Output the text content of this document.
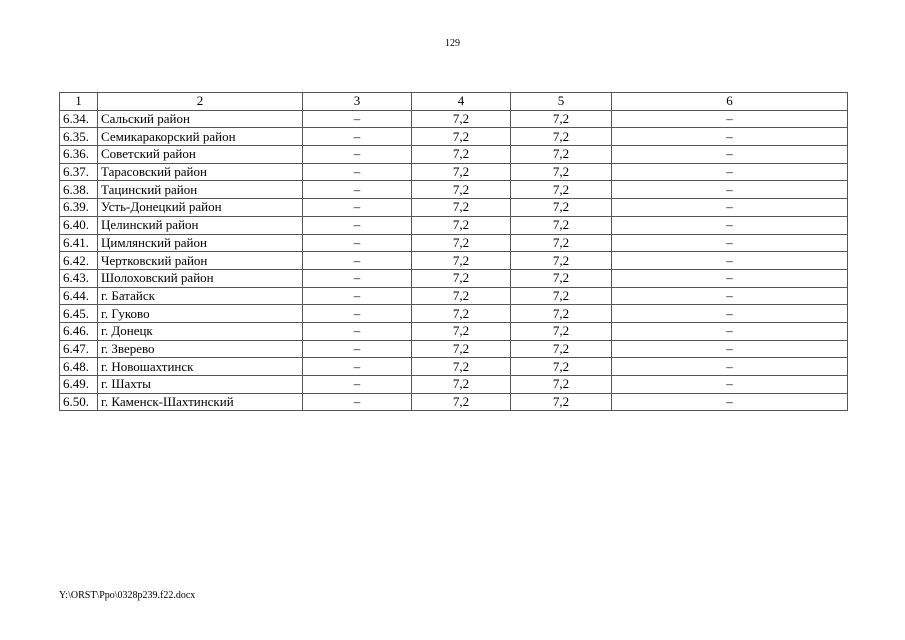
129
1	2	3	4	5	6
6.34.	Сальский район	–	7,2	7,2	–
6.35.	Семикаракорский район	–	7,2	7,2	–
6.36.	Советский район	–	7,2	7,2	–
6.37.	Тарасовский район	–	7,2	7,2	–
6.38.	Тацинский район	–	7,2	7,2	–
6.39.	Усть-Донецкий район	–	7,2	7,2	–
6.40.	Целинский район	–	7,2	7,2	–
6.41.	Цимлянский район	–	7,2	7,2	–
6.42.	Чертковский район	–	7,2	7,2	–
6.43.	Шолоховский район	–	7,2	7,2	–
6.44.	г. Батайск	–	7,2	7,2	–
6.45.	г. Гуково	–	7,2	7,2	–
6.46.	г. Донецк	–	7,2	7,2	–
6.47.	г. Зверево	–	7,2	7,2	–
6.48.	г. Новошахтинск	–	7,2	7,2	–
6.49.	г. Шахты	–	7,2	7,2	–
6.50.	г. Каменск-Шахтинский	–	7,2	7,2	–
Y:\ORST\Ppo\0328p239.f22.docx
